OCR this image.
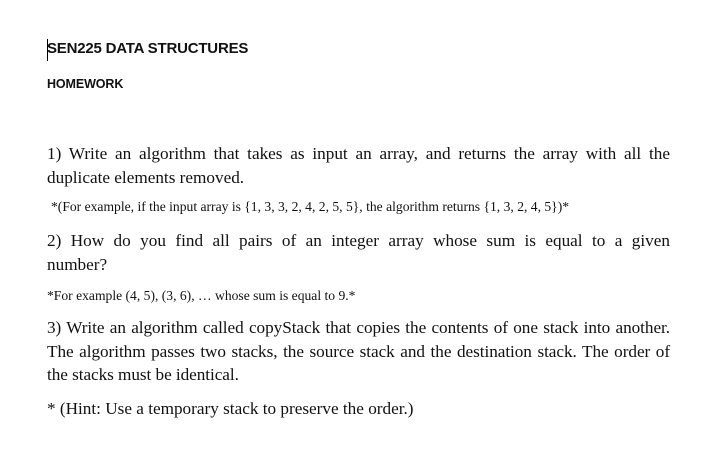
SEN225 DATA STRUCTURES
HOMEWORK

1) Write an algorithm that takes as input an array, and returns the array with all the duplicate elements removed.

*(For example, if the input array is {1, 3, 3, 2, 4, 2, 5, 5}, the algorithm returns {1, 3, 2, 4, 5})*

2) How do you find all pairs of an integer array whose sum is equal to a given number?

*For example (4, 5), (3, 6), … whose sum is equal to 9.*

3) Write an algorithm called copyStack that copies the contents of one stack into another. The algorithm passes two stacks, the source stack and the destination stack. The order of the stacks must be identical.

* (Hint: Use a temporary stack to preserve the order.)
